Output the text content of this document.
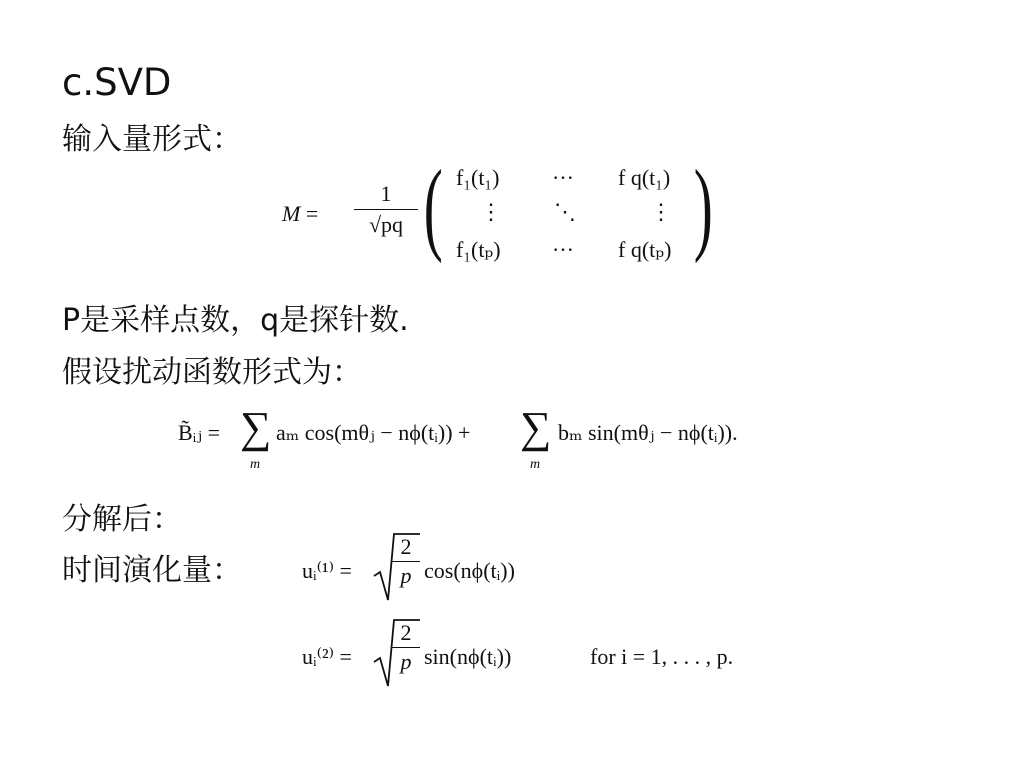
c.SVD
输入量形式：
M =
1
√pq ( f₁(t₁) ··· f q(t₁)
⋮ ⋱	⋮
f₁(tₚ) ··· f q(tₚ) )
P是采样点数，q是探针数.
假设扰动函数形式为：
B̃ᵢⱼ = ∑
m
aₘ cos(mθⱼ − nϕ(tᵢ)) + ∑
m
bₘ sin(mθⱼ − nϕ(tᵢ)).
分解后：
时间演化量：	uᵢ⁽¹⁾ =
2
p cos(nϕ(tᵢ))
uᵢ⁽²⁾ =
2
p sin(nϕ(tᵢ))	for i = 1, . . . , p.
